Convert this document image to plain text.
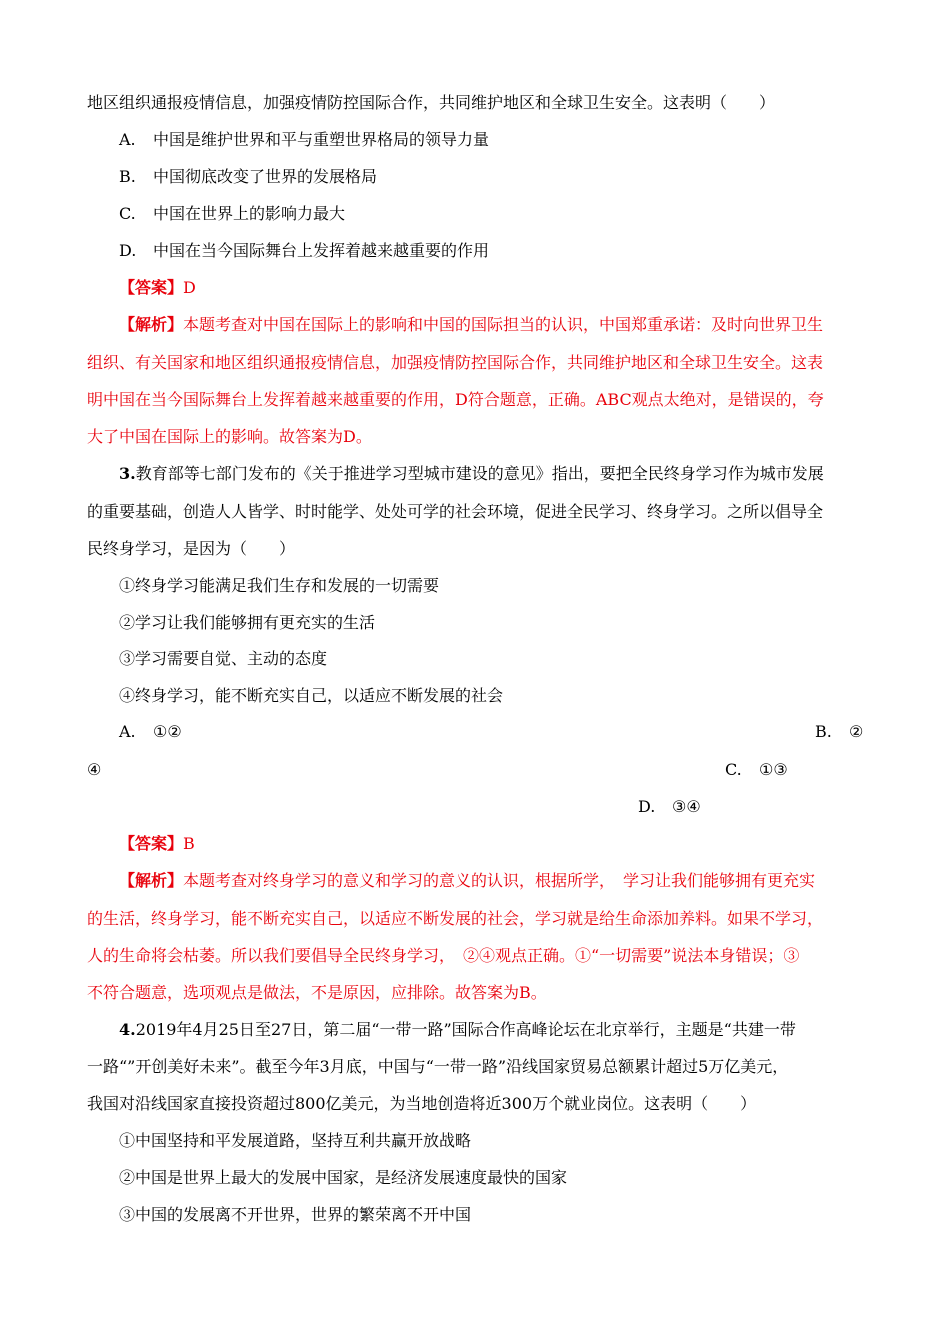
地区组织通报疫情信息，加强疫情防控国际合作，共同维护地区和全球卫生安全。这表明（　　）
A. 中国是维护世界和平与重塑世界格局的领导力量
B. 中国彻底改变了世界的发展格局
C. 中国在世界上的影响力最大
D. 中国在当今国际舞台上发挥着越来越重要的作用
【答案】D
【解析】本题考查对中国在国际上的影响和中国的国际担当的认识，中国郑重承诺：及时向世界卫生
组织、有关国家和地区组织通报疫情信息，加强疫情防控国际合作，共同维护地区和全球卫生安全。这表
明中国在当今国际舞台上发挥着越来越重要的作用，D符合题意，正确。ABC观点太绝对，是错误的，夸
大了中国在国际上的影响。故答案为D。
3.教育部等七部门发布的《关于推进学习型城市建设的意见》指出，要把全民终身学习作为城市发展
的重要基础，创造人人皆学、时时能学、处处可学的社会环境，促进全民学习、终身学习。之所以倡导全
民终身学习，是因为（　　）
①终身学习能满足我们生存和发展的一切需要
②学习让我们能够拥有更充实的生活
③学习需要自觉、主动的态度
④终身学习，能不断充实自己，以适应不断发展的社会
A. ①②	B. ②
④	C. ①③
D. ③④
【答案】B
【解析】本题考查对终身学习的意义和学习的意义的认识，根据所学，　学习让我们能够拥有更充实
的生活，终身学习，能不断充实自己，以适应不断发展的社会，学习就是给生命添加养料。如果不学习，
人的生命将会枯萎。所以我们要倡导全民终身学习，　②④观点正确。①“一切需要”说法本身错误；③
不符合题意，选项观点是做法，不是原因，应排除。故答案为B。
4.2019年4月25日至27日，第二届“一带一路”国际合作高峰论坛在北京举行，主题是“共建一带
一路“”开创美好未来”。截至今年3月底，中国与“一带一路”沿线国家贸易总额累计超过5万亿美元，
我国对沿线国家直接投资超过800亿美元，为当地创造将近300万个就业岗位。这表明（　　）
①中国坚持和平发展道路，坚持互利共赢开放战略
②中国是世界上最大的发展中国家，是经济发展速度最快的国家
③中国的发展离不开世界，世界的繁荣离不开中国
